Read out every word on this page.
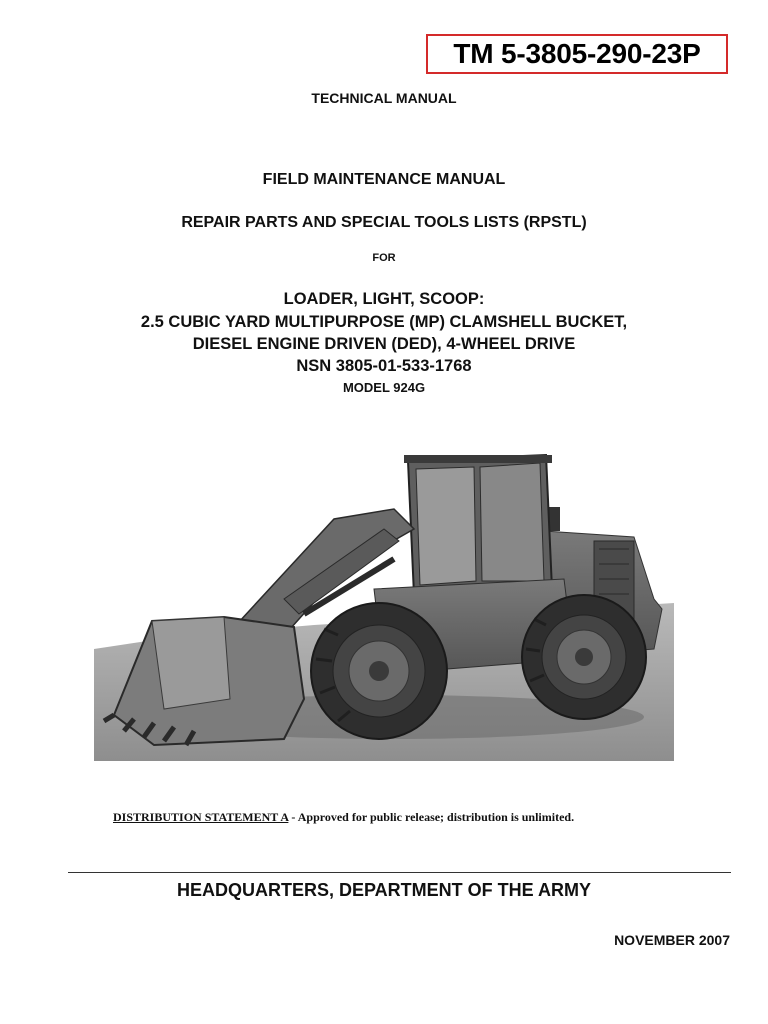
TM 5-3805-290-23P
TECHNICAL MANUAL
FIELD MAINTENANCE MANUAL
REPAIR PARTS AND SPECIAL TOOLS LISTS (RPSTL)
FOR
LOADER, LIGHT, SCOOP:
2.5 CUBIC YARD MULTIPURPOSE (MP) CLAMSHELL BUCKET,
DIESEL ENGINE DRIVEN (DED), 4-WHEEL DRIVE
NSN 3805-01-533-1768
MODEL 924G
DISTRIBUTION STATEMENT A - Approved for public release; distribution is unlimited.
HEADQUARTERS, DEPARTMENT OF THE ARMY
NOVEMBER 2007
